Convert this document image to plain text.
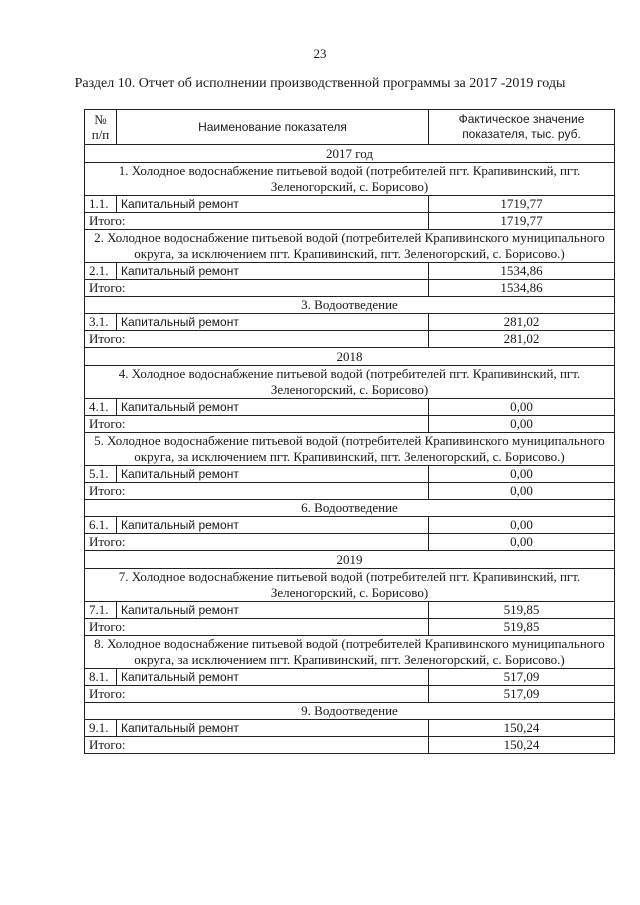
23
Раздел 10. Отчет об исполнении производственной программы за 2017 -2019 годы
№ п/п	Наименование показателя	Фактическое значение показателя, тыс. руб.
2017 год		
1. Холодное водоснабжение питьевой водой (потребителей пгт. Крапивинский, пгт. Зеленогорский, с. Борисово)		
1.1.	Капитальный ремонт	1719,77
Итого:		1719,77
2. Холодное водоснабжение питьевой водой (потребителей Крапивинского муниципального округа, за исключением пгт. Крапивинский, пгт. Зеленогорский, с. Борисово.)		
2.1.	Капитальный ремонт	1534,86
Итого:		1534,86
3. Водоотведение		
3.1.	Капитальный ремонт	281,02
Итого:		281,02
2018		
4. Холодное водоснабжение питьевой водой (потребителей пгт. Крапивинский, пгт. Зеленогорский, с. Борисово)		
4.1.	Капитальный ремонт	0,00
Итого:		0,00
5. Холодное водоснабжение питьевой водой (потребителей Крапивинского муниципального округа, за исключением пгт. Крапивинский, пгт. Зеленогорский, с. Борисово.)		
5.1.	Капитальный ремонт	0,00
Итого:		0,00
6. Водоотведение		
6.1.	Капитальный ремонт	0,00
Итого:		0,00
2019		
7. Холодное водоснабжение питьевой водой (потребителей пгт. Крапивинский, пгт. Зеленогорский, с. Борисово)		
7.1.	Капитальный ремонт	519,85
Итого:		519,85
8. Холодное водоснабжение питьевой водой (потребителей Крапивинского муниципального округа, за исключением пгт. Крапивинский, пгт. Зеленогорский, с. Борисово.)		
8.1.	Капитальный ремонт	517,09
Итого:		517,09
9. Водоотведение		
9.1.	Капитальный ремонт	150,24
Итого:		150,24
